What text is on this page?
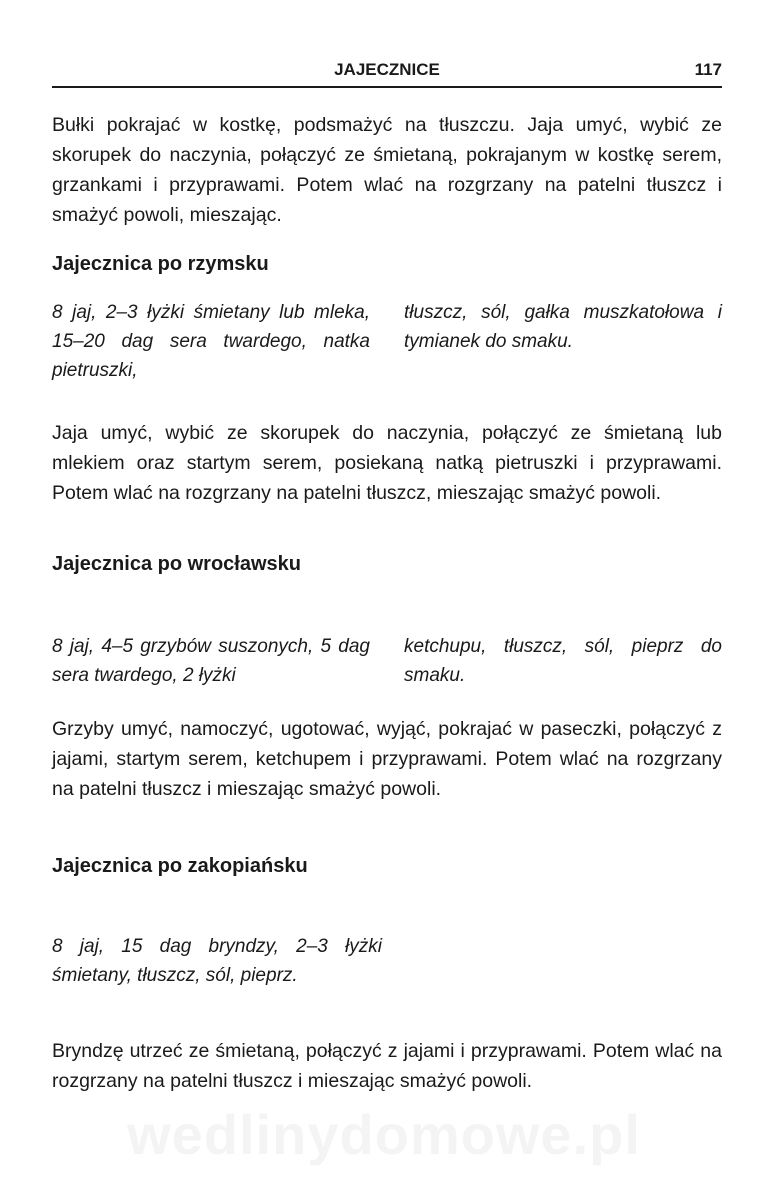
JAJECZNICE	117

Bułki pokrajać w kostkę, podsmażyć na tłuszczu. Jaja umyć, wybić ze skorupek do naczynia, połączyć ze śmietaną, pokrajanym w kostkę serem, grzankami i przyprawami. Potem wlać na rozgrzany na patelni tłuszcz i smażyć powoli, mieszając.

Jajecznica po rzymsku
8 jaj, 2–3 łyżki śmietany lub mleka, 15–20 dag sera twardego, natka pietruszki,
tłuszcz, sól, gałka muszkatołowa i tymianek do smaku.

Jaja umyć, wybić ze skorupek do naczynia, połączyć ze śmietaną lub mlekiem oraz startym serem, posiekaną natką pietruszki i przyprawami. Potem wlać na rozgrzany na patelni tłuszcz, mieszając smażyć powoli.

Jajecznica po wrocławsku
8 jaj, 4–5 grzybów suszonych, 5 dag sera twardego, 2 łyżki
ketchupu, tłuszcz, sól, pieprz do smaku.

Grzyby umyć, namoczyć, ugotować, wyjąć, pokrajać w paseczki, połączyć z jajami, startym serem, ketchupem i przyprawami. Potem wlać na rozgrzany na patelni tłuszcz i mieszając smażyć powoli.

Jajecznica po zakopiańsku
8 jaj, 15 dag bryndzy, 2–3 łyżki śmietany, tłuszcz, sól, pieprz.

Bryndzę utrzeć ze śmietaną, połączyć z jajami i przyprawami. Potem wlać na rozgrzany na patelni tłuszcz i mieszając smażyć powoli.

wedlinydomowe.pl
